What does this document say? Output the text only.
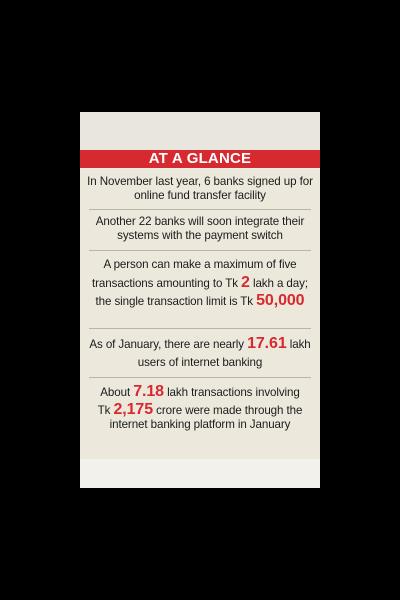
AT A GLANCE
In November last year, 6 banks signed up for
online fund transfer facility
Another 22 banks will soon integrate their
systems with the payment switch
A person can make a maximum of five
transactions amounting to Tk 2 lakh a day;
the single transaction limit is Tk 50,000
As of January, there are nearly 17.61 lakh
users of internet banking
About 7.18 lakh transactions involving
Tk 2,175 crore were made through the
internet banking platform in January
